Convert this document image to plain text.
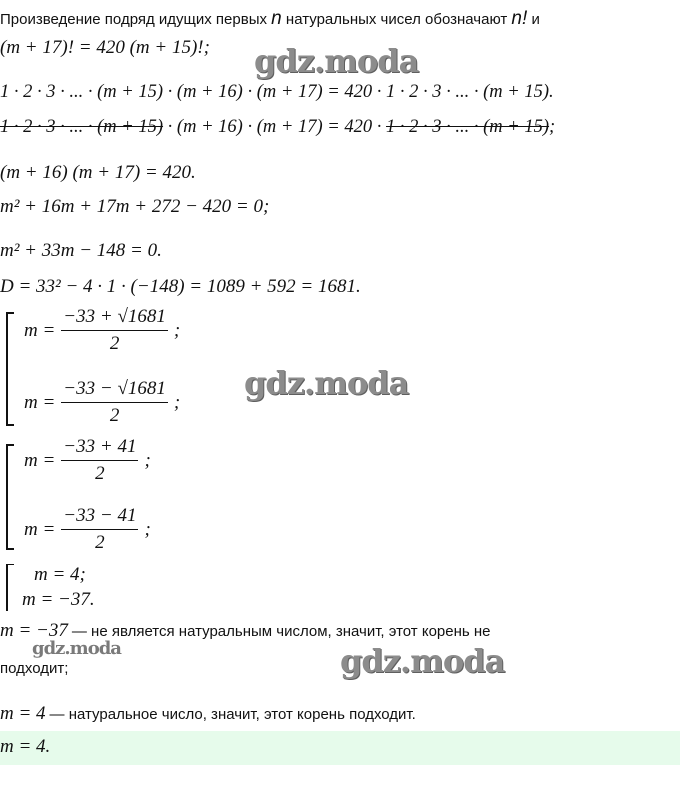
Произведение подряд идущих первых n натуральных чисел обозначают n! и
(m + 17)! = 420 (m + 15)!; gdz.moda
1 · 2 · 3 · ... · (m + 15) · (m + 16) · (m + 17) = 420 · 1 · 2 · 3 · ... · (m + 15).
1 · 2 · 3 · ... · (m + 15) · (m + 16) · (m + 17) = 420 · 1 · 2 · 3 · ... · (m + 15);
(m + 16) (m + 17) = 420.
m² + 16m + 17m + 272 − 420 = 0;
m² + 33m − 148 = 0.
D = 33² − 4 · 1 · (−148) = 1089 + 592 = 1681.
$m = \frac{-33 + √1681}{2}$ ;
$m = \frac{-33 - √1681}{2}$ ; gdz.moda
$m = \frac{-33 + 41}{2}$ ;
$m = \frac{-33 - 41}{2}$ ;
m = 4;
m = −37.
m = −37 — не является натуральным числом, значит, этот корень не
gdz.moda
подходит;	gdz.moda
m = 4 — натуральное число, значит, этот корень подходит.
m = 4.
